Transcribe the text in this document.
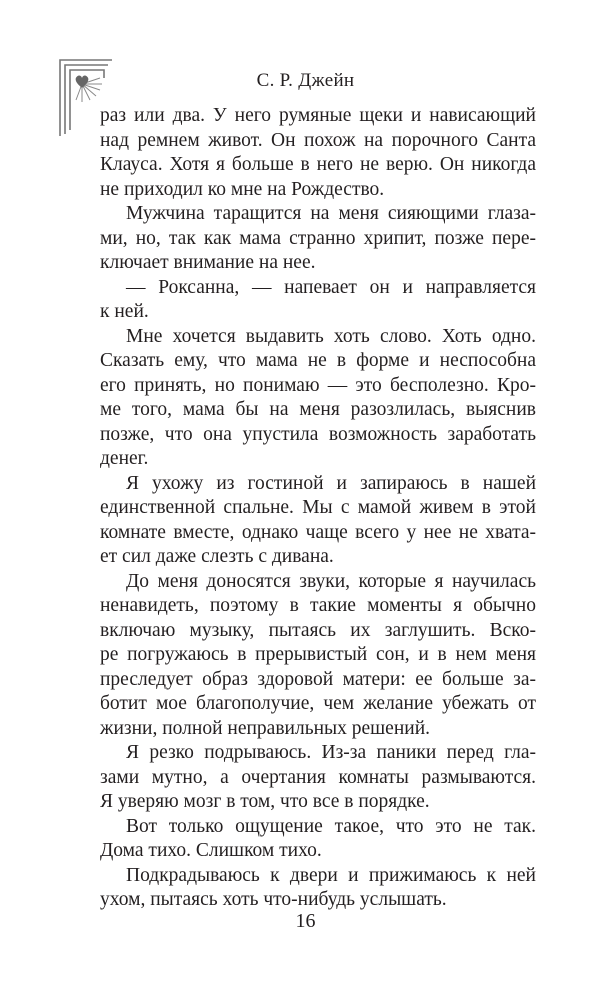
С. Р. Джейн

раз или два. У него румяные щеки и нависающий

над ремнем живот. Он похож на порочного Санта

Клауса. Хотя я больше в него не верю. Он никогда

не приходил ко мне на Рождество.

Мужчина таращится на меня сияющими глаза-

ми, но, так как мама странно хрипит, позже пере-

ключает внимание на нее.

— Роксанна, — напевает он и направляется

к ней.

Мне хочется выдавить хоть слово. Хоть одно.

Сказать ему, что мама не в форме и неспособна

его принять, но понимаю — это бесполезно. Кро-

ме того, мама бы на меня разозлилась, выяснив

позже, что она упустила возможность заработать

денег.

Я ухожу из гостиной и запираюсь в нашей

единственной спальне. Мы с мамой живем в этой

комнате вместе, однако чаще всего у нее не хвата-

ет сил даже слезть с дивана.

До меня доносятся звуки, которые я научилась

ненавидеть, поэтому в такие моменты я обычно

включаю музыку, пытаясь их заглушить. Вско-

ре погружаюсь в прерывистый сон, и в нем меня

преследует образ здоровой матери: ее больше за-

ботит мое благополучие, чем желание убежать от

жизни, полной неправильных решений.

Я резко подрываюсь. Из-за паники перед гла-

зами мутно, а очертания комнаты размываются.

Я уверяю мозг в том, что все в порядке.

Вот только ощущение такое, что это не так.

Дома тихо. Слишком тихо.

Подкрадываюсь к двери и прижимаюсь к ней

ухом, пытаясь хоть что-нибудь услышать.

16
